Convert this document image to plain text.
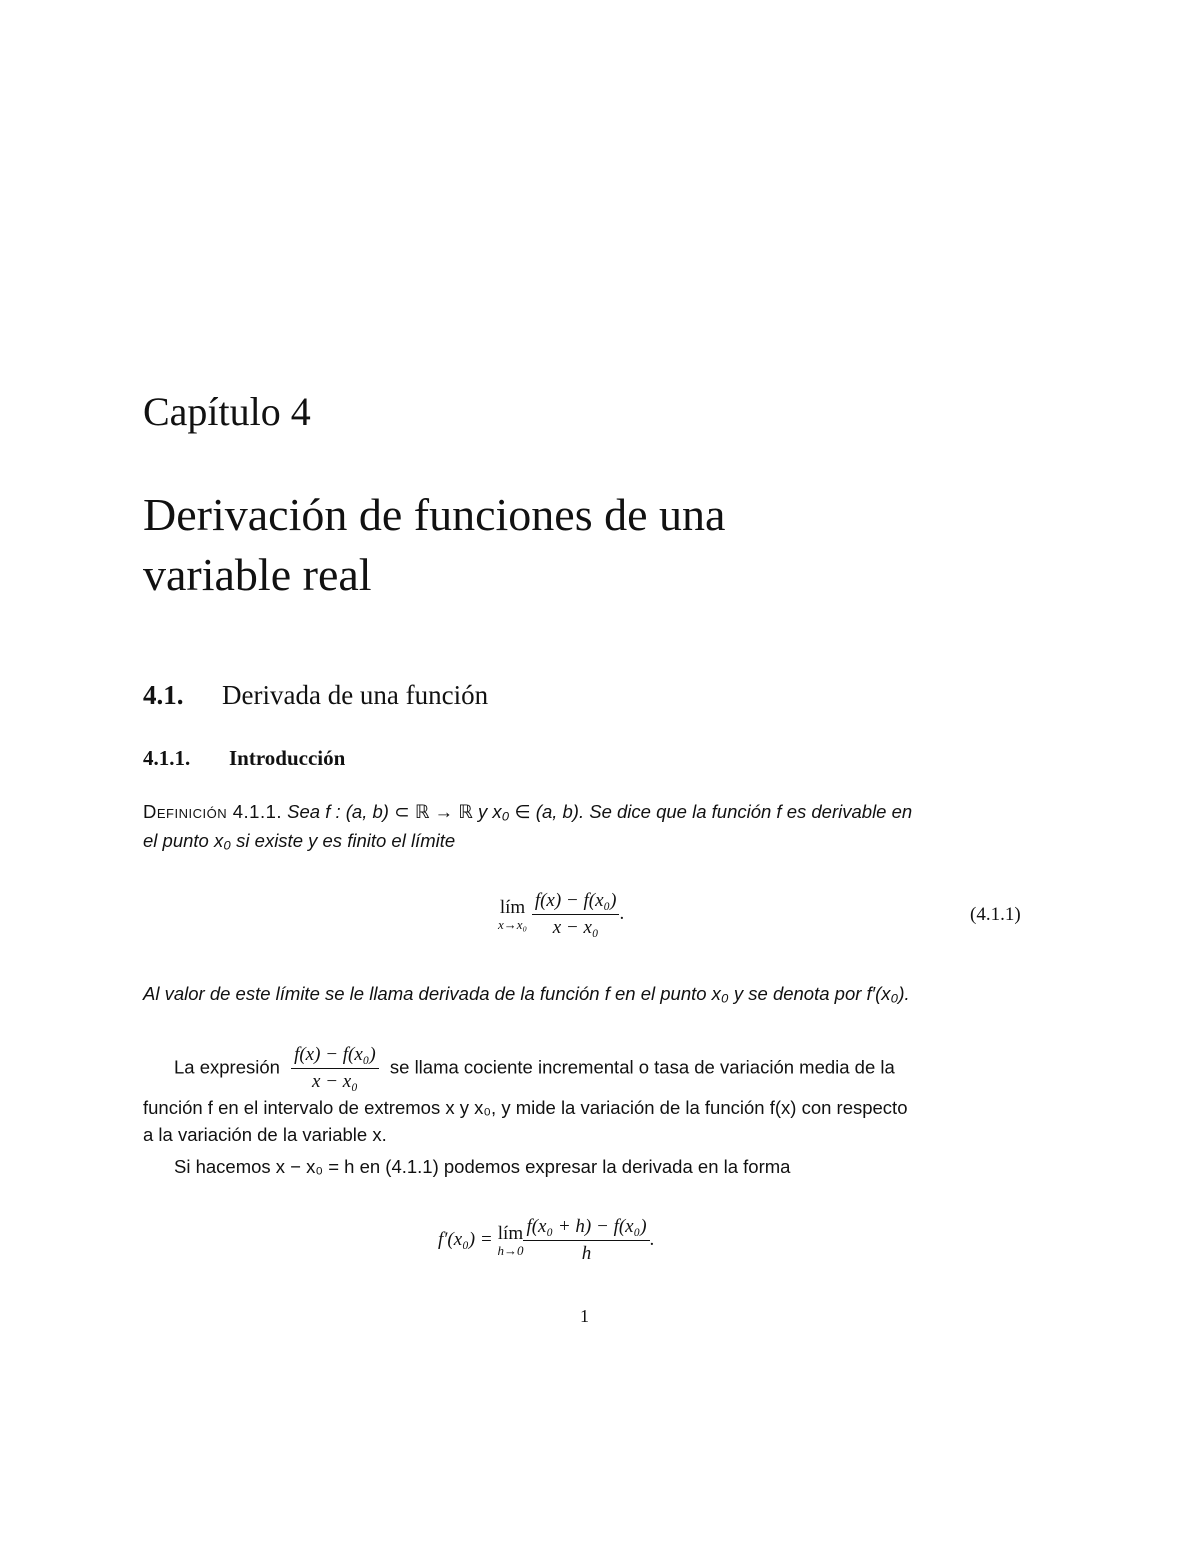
Capítulo 4
Derivación de funciones de una
variable real
4.1. Derivada de una función
4.1.1. Introducción
Definición 4.1.1. Sea f : (a, b) ⊂ ℝ → ℝ y x₀ ∈ (a, b). Se dice que la función f es derivable en
el punto x₀ si existe y es finito el límite
lím
x→x₀
$\frac{\text{f(x) − f(x₀)}}{\text{x − x₀}}$ .	(4.1.1)
Al valor de este límite se le llama derivada de la función f en el punto x₀ y se denota por f′(x₀).
La expresión $\frac{\text{f(x) − f(x₀)}}{\text{x − x₀}}$ se llama cociente incremental o tasa de variación media de la
función f en el intervalo de extremos x y x₀, y mide la variación de la función f(x) con respecto
a la variación de la variable x.
Si hacemos x − x₀ = h en (4.1.1) podemos expresar la derivada en la forma
f′(x₀) = lím
$h\to 0 \frac{\text{f(x₀ + h) − f(x₀)}}{h}$ .
1
